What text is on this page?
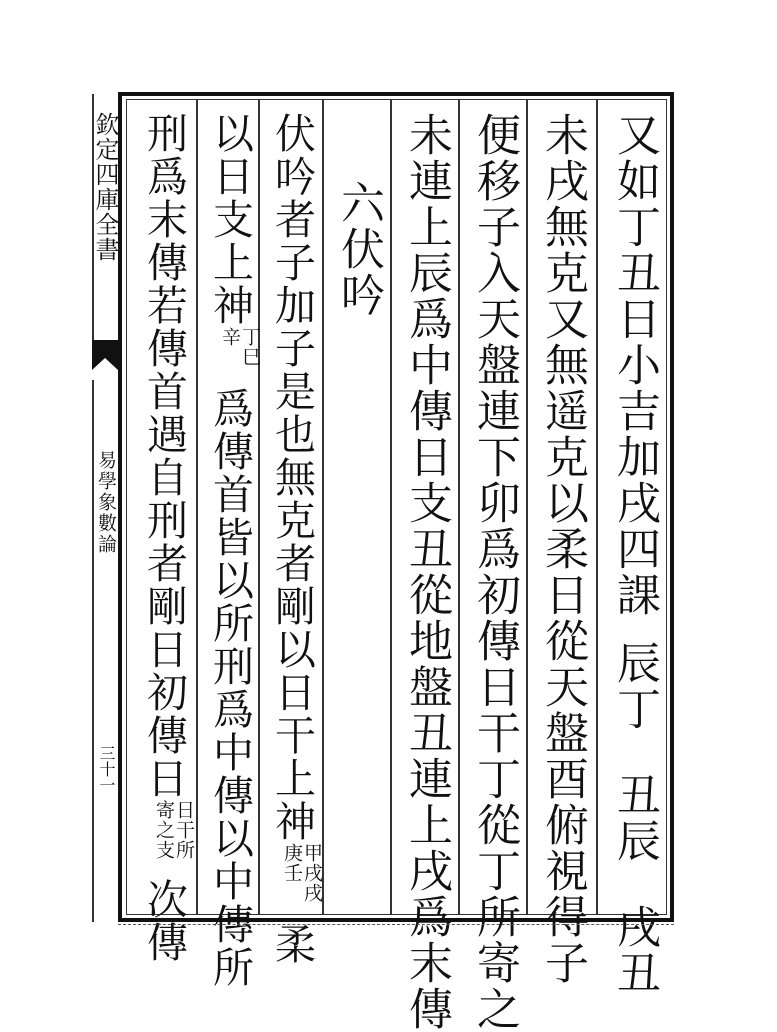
欽定四庫全書
易學象數論
三十一
又如丁丑日小吉加戌四課辰丁丑辰戌丑
未戌無克又無遥克以柔日從天盤酉俯視得子
便移子入天盤連下卯爲初傳日干丁從丁所寄之
未連上辰爲中傳日支丑從地盤丑連上戌爲末傳
六伏吟
伏吟者子加子是也無克者剛以日干上神甲戌戌 庚壬柔
以日支上神丁巳 辛爲傳首皆以所刑爲中傳以中傳所
刑爲末傳若傳首遇自刑者剛日初傳日日干所 寄之支次傳
